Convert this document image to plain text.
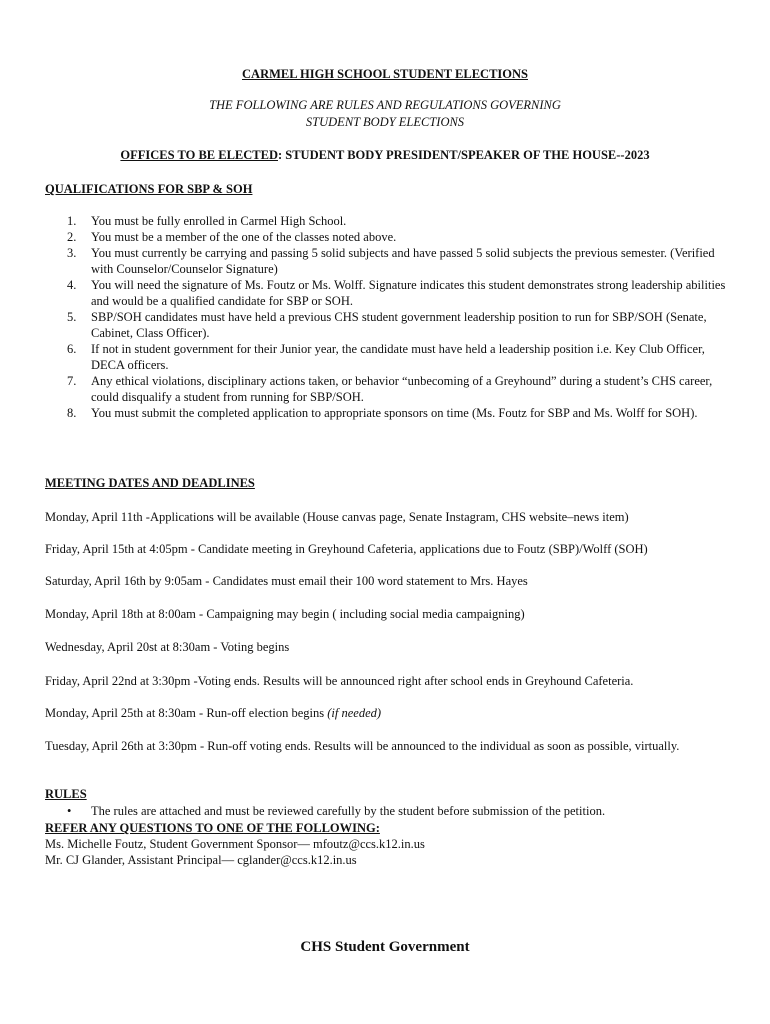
CARMEL HIGH SCHOOL STUDENT ELECTIONS
THE FOLLOWING ARE RULES AND REGULATIONS GOVERNING
STUDENT BODY ELECTIONS
OFFICES TO BE ELECTED: STUDENT BODY PRESIDENT/SPEAKER OF THE HOUSE--2023
QUALIFICATIONS FOR SBP & SOH
1. You must be fully enrolled in Carmel High School.
2. You must be a member of the one of the classes noted above.
3. You must currently be carrying and passing 5 solid subjects and have passed 5 solid subjects the previous semester. (Verified with Counselor/Counselor Signature)
4. You will need the signature of Ms. Foutz or Ms. Wolff. Signature indicates this student demonstrates strong leadership abilities and would be a qualified candidate for SBP or SOH.
5. SBP/SOH candidates must have held a previous CHS student government leadership position to run for SBP/SOH (Senate, Cabinet, Class Officer).
6. If not in student government for their Junior year, the candidate must have held a leadership position i.e. Key Club Officer, DECA officers.
7. Any ethical violations, disciplinary actions taken, or behavior “unbecoming of a Greyhound” during a student’s CHS career, could disqualify a student from running for SBP/SOH.
8. You must submit the completed application to appropriate sponsors on time (Ms. Foutz for SBP and Ms. Wolff for SOH).
MEETING DATES AND DEADLINES
Monday, April 11th -Applications will be available (House canvas page, Senate Instagram, CHS website–news item)
Friday, April 15th at 4:05pm - Candidate meeting in Greyhound Cafeteria, applications due to Foutz (SBP)/Wolff (SOH)
Saturday, April 16th by 9:05am - Candidates must email their 100 word statement to Mrs. Hayes
Monday, April 18th at 8:00am - Campaigning may begin ( including social media campaigning)
Wednesday, April 20st at 8:30am - Voting begins
Friday, April 22nd at 3:30pm -Voting ends. Results will be announced right after school ends in Greyhound Cafeteria.
Monday, April 25th at 8:30am - Run-off election begins (if needed)
Tuesday, April 26th at 3:30pm - Run-off voting ends. Results will be announced to the individual as soon as possible, virtually.
RULES
•	The rules are attached and must be reviewed carefully by the student before submission of the petition.
REFER ANY QUESTIONS TO ONE OF THE FOLLOWING:
Ms. Michelle Foutz, Student Government Sponsor— mfoutz@ccs.k12.in.us
Mr. CJ Glander, Assistant Principal— cglander@ccs.k12.in.us
CHS Student Government
